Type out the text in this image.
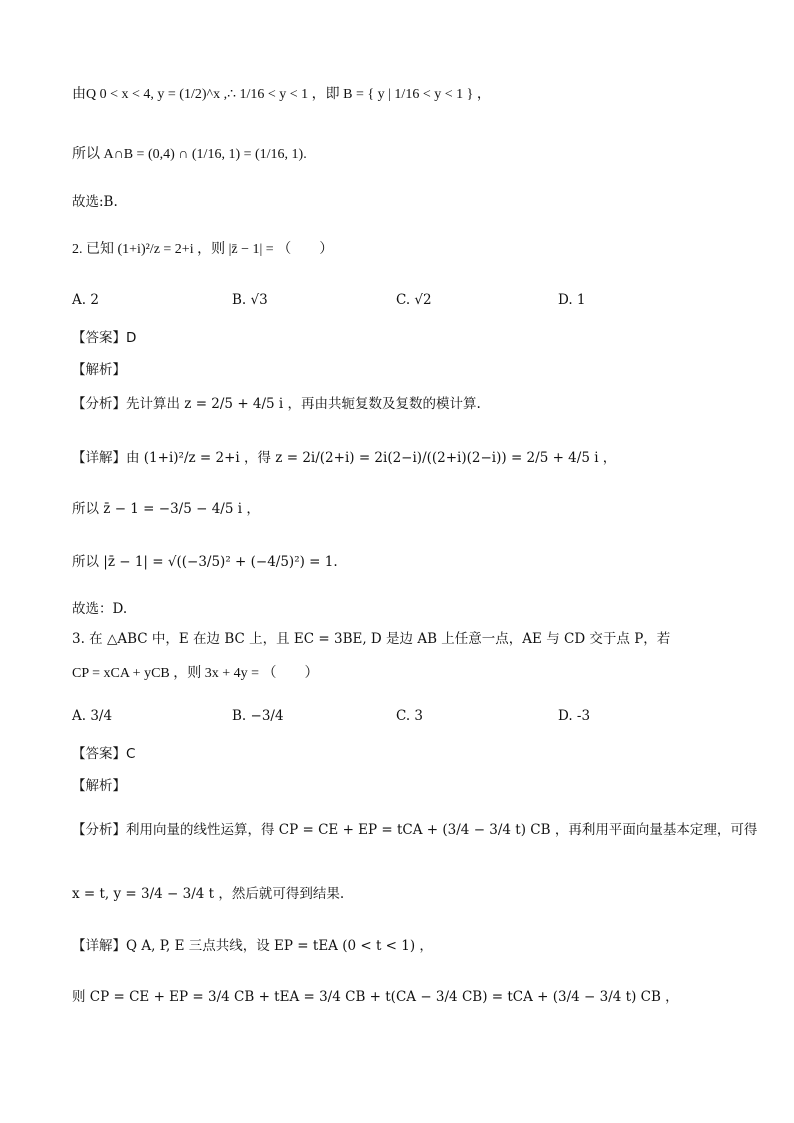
由Q 0 < x < 4, y = (1/2)^x ,∴ 1/16 < y < 1 ，即 B = { y | 1/16 < y < 1 } ，
所以 A∩B = (0,4) ∩ (1/16, 1) = (1/16, 1).
故选:B.
2. 已知 (1+i)²/z = 2+i ，则 |z̄ − 1| = （　　）
A. 2	B. √3	C. √2	D. 1
【答案】D
【解析】
【分析】先计算出 z = 2/5 + 4/5 i ，再由共轭复数及复数的模计算.
【详解】由 (1+i)²/z = 2+i ，得 z = 2i/(2+i) = 2i(2−i)/((2+i)(2−i)) = 2/5 + 4/5 i ，
所以 z̄ − 1 = −3/5 − 4/5 i ，
所以 |z̄ − 1| = √((−3/5)² + (−4/5)²) = 1.
故选：D.
3. 在 △ABC 中，E 在边 BC 上，且 EC = 3BE, D 是边 AB 上任意一点，AE 与 CD 交于点 P，若
CP = xCA + yCB ，则 3x + 4y = （　　）
A. 3/4	B. −3/4	C. 3	D. -3
【答案】C
【解析】
【分析】利用向量的线性运算，得 CP = CE + EP = tCA + (3/4 − 3/4 t) CB ，再利用平面向量基本定理，可得
x = t, y = 3/4 − 3/4 t ，然后就可得到结果.
【详解】Q A, P, E 三点共线，设 EP = tEA (0 < t < 1) ，
则 CP = CE + EP = 3/4 CB + tEA = 3/4 CB + t(CA − 3/4 CB) = tCA + (3/4 − 3/4 t) CB ，
